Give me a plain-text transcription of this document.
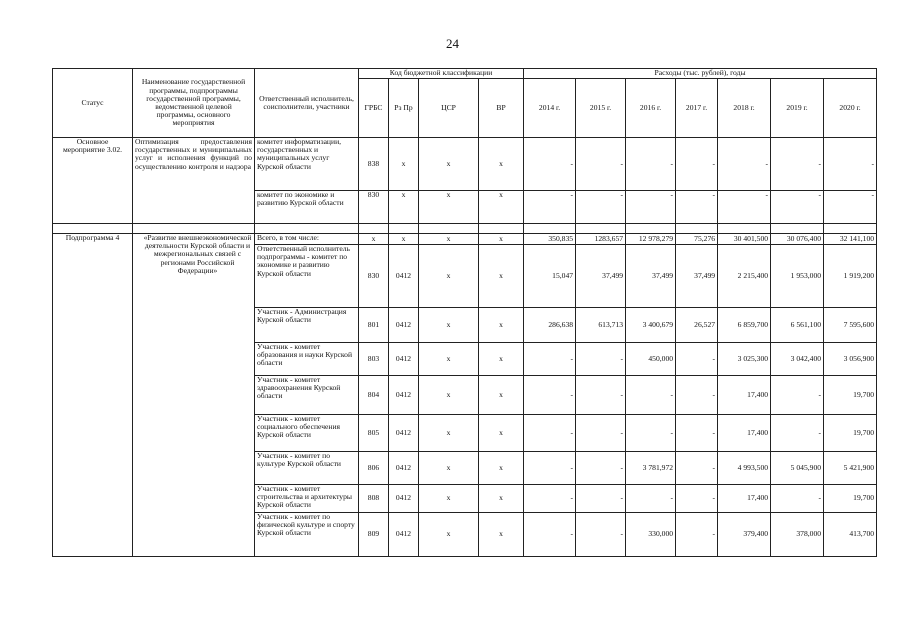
24
Статус	Наименование государственной программы, подпрограммы государственной программы, ведомственной целевой программы, основного мероприятия	Ответственный исполнитель, соисполнители, участники	Код бюджетной классификации				Расходы (тыс. рублей), годы						
			ГРБС	Рз Пр	ЦСР	ВР	2014 г.	2015 г.	2016 г.	2017 г.	2018 г.	2019 г.	2020 г.
Основное мероприятие 3.02.	Оптимизация предоставления государственных и муниципальных услуг и исполнения функций по осуществлению контроля и надзора	комитет информатизации, государственных и муниципальных услуг Курской области	838	х	х	х	-	-	-	-	-	-	-
		комитет по экономике и развитию Курской области	830	х	х	х	-	-	-	-	-	-	-

Подпрограмма 4	«Развитие внешнеэкономической деятельности Курской области и межрегиональных связей с регионами Российской Федерации»	Всего, в том числе:	х	х	х	х	350,835	1283,657	12 978,279	75,276	30 401,500	30 076,400	32 141,100
		Ответственный исполнитель подпрограммы - комитет по экономике и развитию Курской области	830	0412	х	х	15,047	37,499	37,499	37,499	2 215,400	1 953,000	1 919,200
		Участник - Администрация Курской области	801	0412	х	х	286,638	613,713	3 400,679	26,527	6 859,700	6 561,100	7 595,600
		Участник - комитет образования и науки Курской области	803	0412	х	х	-	-	450,000	-	3 025,300	3 042,400	3 056,900
		Участник - комитет здравоохранения Курской области	804	0412	х	х	-	-	-	-	17,400	-	19,700
		Участник - комитет социального обеспечения Курской области	805	0412	х	х	-	-	-	-	17,400	-	19,700
		Участник - комитет по культуре Курской области	806	0412	х	х	-	-	3 781,972	-	4 993,500	5 045,900	5 421,900
		Участник - комитет строительства и архитектуры Курской области	808	0412	х	х	-	-	-	-	17,400	-	19,700
		Участник - комитет по физической культуре и спорту Курской области	809	0412	х	х	-	-	330,000	-	379,400	378,000	413,700
